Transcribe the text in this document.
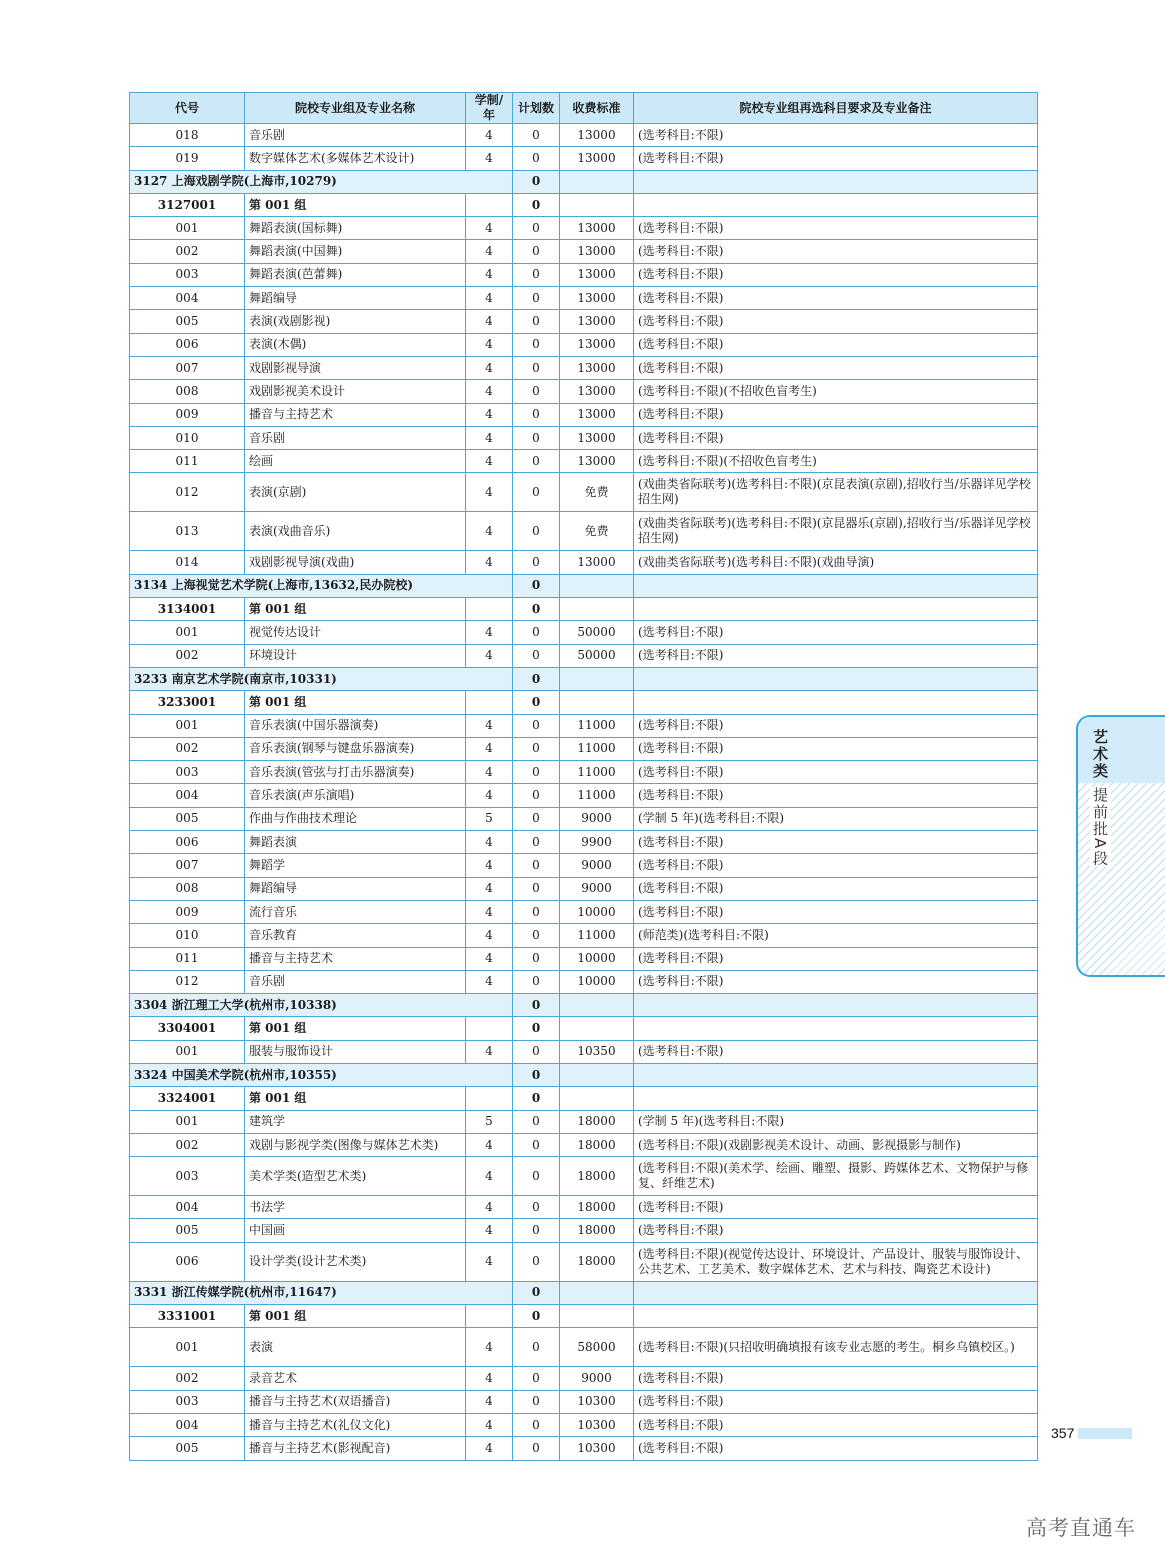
代号	院校专业组及专业名称	学制/年	计划数	收费标准	院校专业组再选科目要求及专业备注
018	音乐剧	4	0	13000	(选考科目:不限)
019	数字媒体艺术(多媒体艺术设计)	4	0	13000	(选考科目:不限)
3127 上海戏剧学院(上海市,10279)			0		
3127001	第 001 组		0		
001	舞蹈表演(国标舞)	4	0	13000	(选考科目:不限)
002	舞蹈表演(中国舞)	4	0	13000	(选考科目:不限)
003	舞蹈表演(芭蕾舞)	4	0	13000	(选考科目:不限)
004	舞蹈编导	4	0	13000	(选考科目:不限)
005	表演(戏剧影视)	4	0	13000	(选考科目:不限)
006	表演(木偶)	4	0	13000	(选考科目:不限)
007	戏剧影视导演	4	0	13000	(选考科目:不限)
008	戏剧影视美术设计	4	0	13000	(选考科目:不限)(不招收色盲考生)
009	播音与主持艺术	4	0	13000	(选考科目:不限)
010	音乐剧	4	0	13000	(选考科目:不限)
011	绘画	4	0	13000	(选考科目:不限)(不招收色盲考生)
012	表演(京剧)	4	0	免费	(戏曲类省际联考)(选考科目:不限)(京昆表演(京剧),招收行当/乐器详见学校招生网)
013	表演(戏曲音乐)	4	0	免费	(戏曲类省际联考)(选考科目:不限)(京昆器乐(京剧),招收行当/乐器详见学校招生网)
014	戏剧影视导演(戏曲)	4	0	13000	(戏曲类省际联考)(选考科目:不限)(戏曲导演)
3134 上海视觉艺术学院(上海市,13632,民办院校)			0		
3134001	第 001 组		0		
001	视觉传达设计	4	0	50000	(选考科目:不限)
002	环境设计	4	0	50000	(选考科目:不限)
3233 南京艺术学院(南京市,10331)			0		
3233001	第 001 组		0		
001	音乐表演(中国乐器演奏)	4	0	11000	(选考科目:不限)
002	音乐表演(钢琴与键盘乐器演奏)	4	0	11000	(选考科目:不限)
003	音乐表演(管弦与打击乐器演奏)	4	0	11000	(选考科目:不限)
004	音乐表演(声乐演唱)	4	0	11000	(选考科目:不限)
005	作曲与作曲技术理论	5	0	9000	(学制 5 年)(选考科目:不限)
006	舞蹈表演	4	0	9900	(选考科目:不限)
007	舞蹈学	4	0	9000	(选考科目:不限)
008	舞蹈编导	4	0	9000	(选考科目:不限)
009	流行音乐	4	0	10000	(选考科目:不限)
010	音乐教育	4	0	11000	(师范类)(选考科目:不限)
011	播音与主持艺术	4	0	10000	(选考科目:不限)
012	音乐剧	4	0	10000	(选考科目:不限)
3304 浙江理工大学(杭州市,10338)			0		
3304001	第 001 组		0		
001	服装与服饰设计	4	0	10350	(选考科目:不限)
3324 中国美术学院(杭州市,10355)			0		
3324001	第 001 组		0		
001	建筑学	5	0	18000	(学制 5 年)(选考科目:不限)
002	戏剧与影视学类(图像与媒体艺术类)	4	0	18000	(选考科目:不限)(戏剧影视美术设计、动画、影视摄影与制作)
003	美术学类(造型艺术类)	4	0	18000	(选考科目:不限)(美术学、绘画、雕塑、摄影、跨媒体艺术、文物保护与修复、纤维艺术)
004	书法学	4	0	18000	(选考科目:不限)
005	中国画	4	0	18000	(选考科目:不限)
006	设计学类(设计艺术类)	4	0	18000	(选考科目:不限)(视觉传达设计、环境设计、产品设计、服装与服饰设计、公共艺术、工艺美术、数字媒体艺术、艺术与科技、陶瓷艺术设计)
3331 浙江传媒学院(杭州市,11647)			0		
3331001	第 001 组		0		
001	表演	4	0	58000	(选考科目:不限)(只招收明确填报有该专业志愿的考生。桐乡乌镇校区。)
002	录音艺术	4	0	9000	(选考科目:不限)
003	播音与主持艺术(双语播音)	4	0	10300	(选考科目:不限)
004	播音与主持艺术(礼仪文化)	4	0	10300	(选考科目:不限)
005	播音与主持艺术(影视配音)	4	0	10300	(选考科目:不限)
艺术类
提前批A段
357
高考直通车
